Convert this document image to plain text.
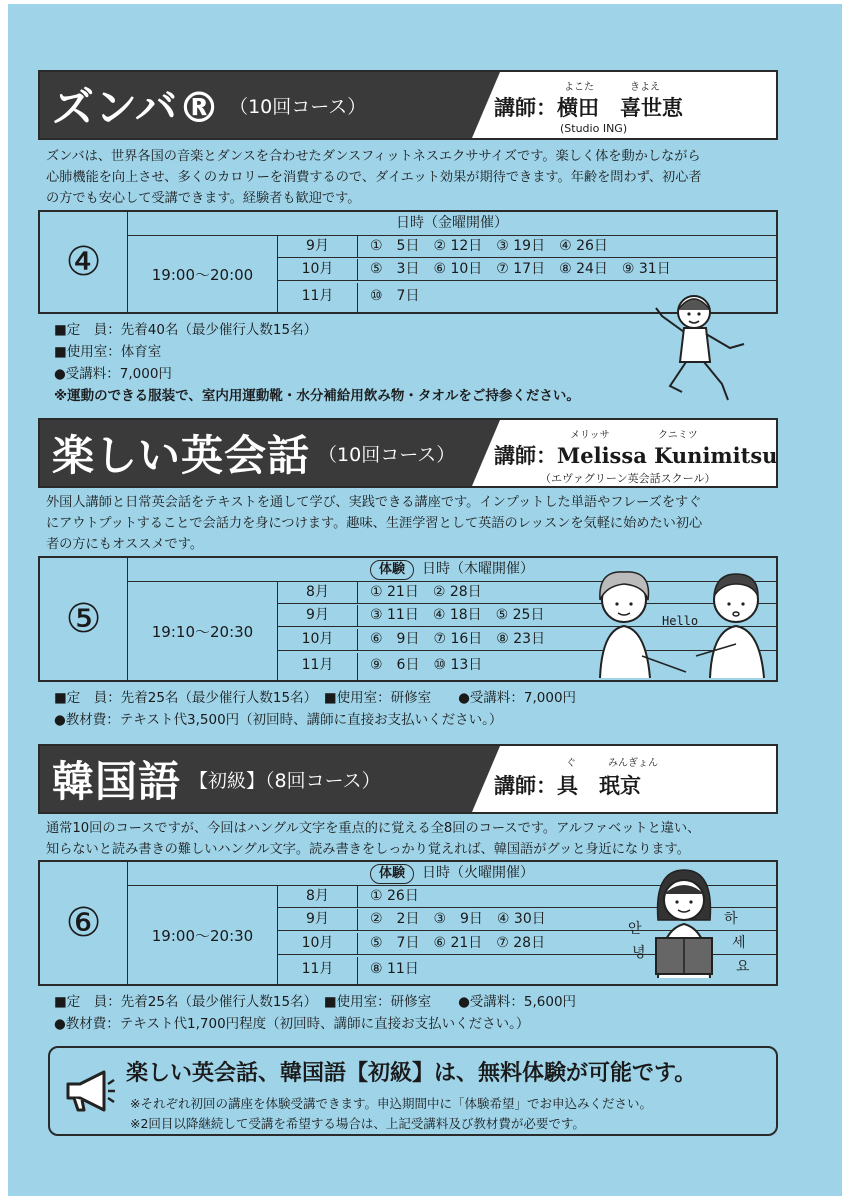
ズンバ® （10回コース）
よこた	きよえ
講師：横田　喜世恵
(Studio ING)
ズンバは、世界各国の音楽とダンスを合わせたダンスフィットネスエクササイズです。楽しく体を動かしながら
心肺機能を向上させ、多くのカロリーを消費するので、ダイエット効果が期待できます。年齢を問わず、初心者
の方でも安心して受講できます。経験者も歓迎です。
④
日時（金曜開催）
19:00～20:00
9月	①　5日　② 12日　③ 19日　④ 26日
10月	⑤　3日　⑥ 10日　⑦ 17日　⑧ 24日　⑨ 31日
11月	⑩　7日
■定　員：先着40名（最少催行人数15名）
■使用室：体育室
●受講料：7,000円
※運動のできる服装で、室内用運動靴・水分補給用飲み物・タオルをご持参ください。
楽しい英会話 （10回コース）
メリッサ	クニミツ
講師：Melissa Kunimitsu
（エヴァグリーン英会話スクール）
外国人講師と日常英会話をテキストを通して学び、実践できる講座です。インプットした単語やフレーズをすぐ
にアウトプットすることで会話力を身につけます。趣味、生涯学習として英語のレッスンを気軽に始めたい初心
者の方にもオススメです。
⑤
体験 日時（木曜開催）
19:10～20:30
8月	① 21日　② 28日
9月	③ 11日　④ 18日　⑤ 25日
10月	⑥　9日　⑦ 16日　⑧ 23日
11月	⑨　6日　⑩ 13日
Hello
■定　員：先着25名（最少催行人数15名）　■使用室：研修室　　●受講料：7,000円
●教材費：テキスト代3,500円（初回時、講師に直接お支払いください。）
韓国語 【初級】（8回コース）
ぐ	みんぎょん
講師：具　珉京
通常10回のコースですが、今回はハングル文字を重点的に覚える全8回のコースです。アルファベットと違い、
知らないと読み書きの難しいハングル文字。読み書きをしっかり覚えれば、韓国語がグッと身近になります。
⑥
体験 日時（火曜開催）
19:00～20:30
8月	① 26日
9月	②　2日　③　9日　④ 30日
10月	⑤　7日　⑥ 21日　⑦ 28日
11月	⑧ 11日
안
녕
하
세
요
■定　員：先着25名（最少催行人数15名）　■使用室：研修室　　●受講料：5,600円
●教材費：テキスト代1,700円程度（初回時、講師に直接お支払いください。）
楽しい英会話、韓国語【初級】は、無料体験が可能です。
※それぞれ初回の講座を体験受講できます。申込期間中に「体験希望」でお申込みください。
※2回目以降継続して受講を希望する場合は、上記受講料及び教材費が必要です。
